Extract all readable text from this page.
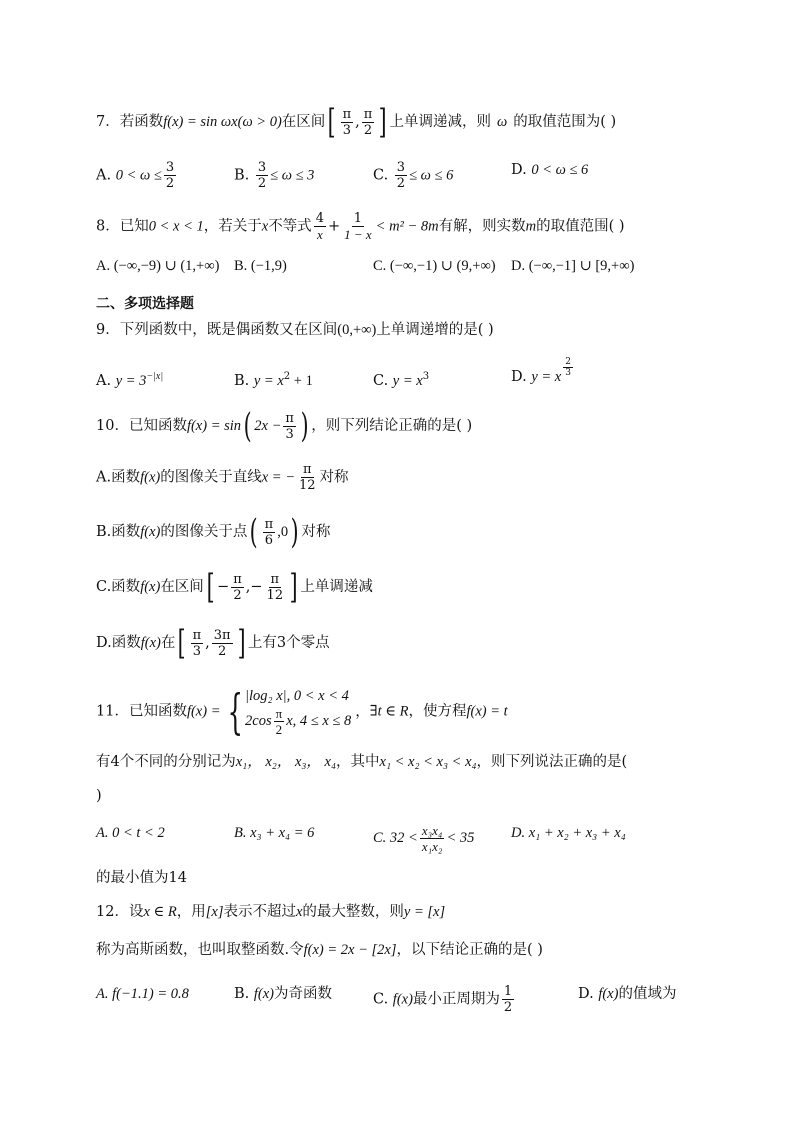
7．若函数f(x) = sin ωx(ω > 0)在区间[ $\frac{\pi}{3}$ , $\frac{\pi}{2}$ ] 上单调递减，则 ω 的取值范围为( )
A. $0 < \omega \le \frac{3}{2}$	B. $\frac{3}{2} \le \omega \le 3$	C. $\frac{3}{2} \le \omega \le 6$	D. 0 < ω ≤ 6
8．已知0 < x < 1，若关于x不等式 $\frac{4}{x} + \frac{1}{1 - x} < m^2 - 8m$有解，则实数m的取值范围( )
A. (−∞,−9) ∪ (1,+∞) B. (−1,9)	C. (−∞,−1) ∪ (9,+∞) D. (−∞,−1] ∪ [9,+∞)
二、多项选择题
9．下列函数中，既是偶函数又在区间(0,+∞)上单调递增的是( )
A. $y = 3^{-|x|}$	B. $y = x^2 + 1$	C. $y = x^3$	D. y = x $\frac{2}{3}$
10．已知函数f(x) = sin( $2x - \frac{\pi}{3}$ ) ，则下列结论正确的是( )
A.函数f(x)的图像关于直线x = − $\frac{\pi}{12}$ 对称
B.函数f(x)的图像关于点( $\frac{\pi}{6} ,0$) 对称
C.函数f(x)在区间[ − $\frac{\pi}{2}$ ,− $\frac{\pi}{12}$ ] 上单调递减
D.函数f(x)在[ $\frac{\pi}{3}$ , $\frac{3\pi}{2}$ ] 上有3个零点
11．已知函数f(x) = { |log₂ x|, 0 < x < 4
$2\cos \frac{\pi}{2} x$, 4 ≤ x ≤ 8
，∃t ∈ R，使方程f(x) = t
有4个不同的分别记为x₁， x₂， x₃， x₄，其中x₁ < x₂ < x₃ < x₄，则下列说法正确的是(
)
A. 0 < t < 2	B. x₃ + x₄ = 6	C. $32 < \frac{\text{x₃x₄}}{\text{x₁x₂}} < 35$	D. x₁ + x₂ + x₃ + x₄
的最小值为14
12．设x ∈ R，用[x]表示不超过x的最大整数，则y = [x]
称为高斯函数，也叫取整函数.令f(x) = 2x − [2x]，以下结论正确的是( )
A. f(−1.1) = 0.8	B. f(x)为奇函数	C. f(x)最小正周期为 $\frac{1}{2}$	D. f(x)的值域为
